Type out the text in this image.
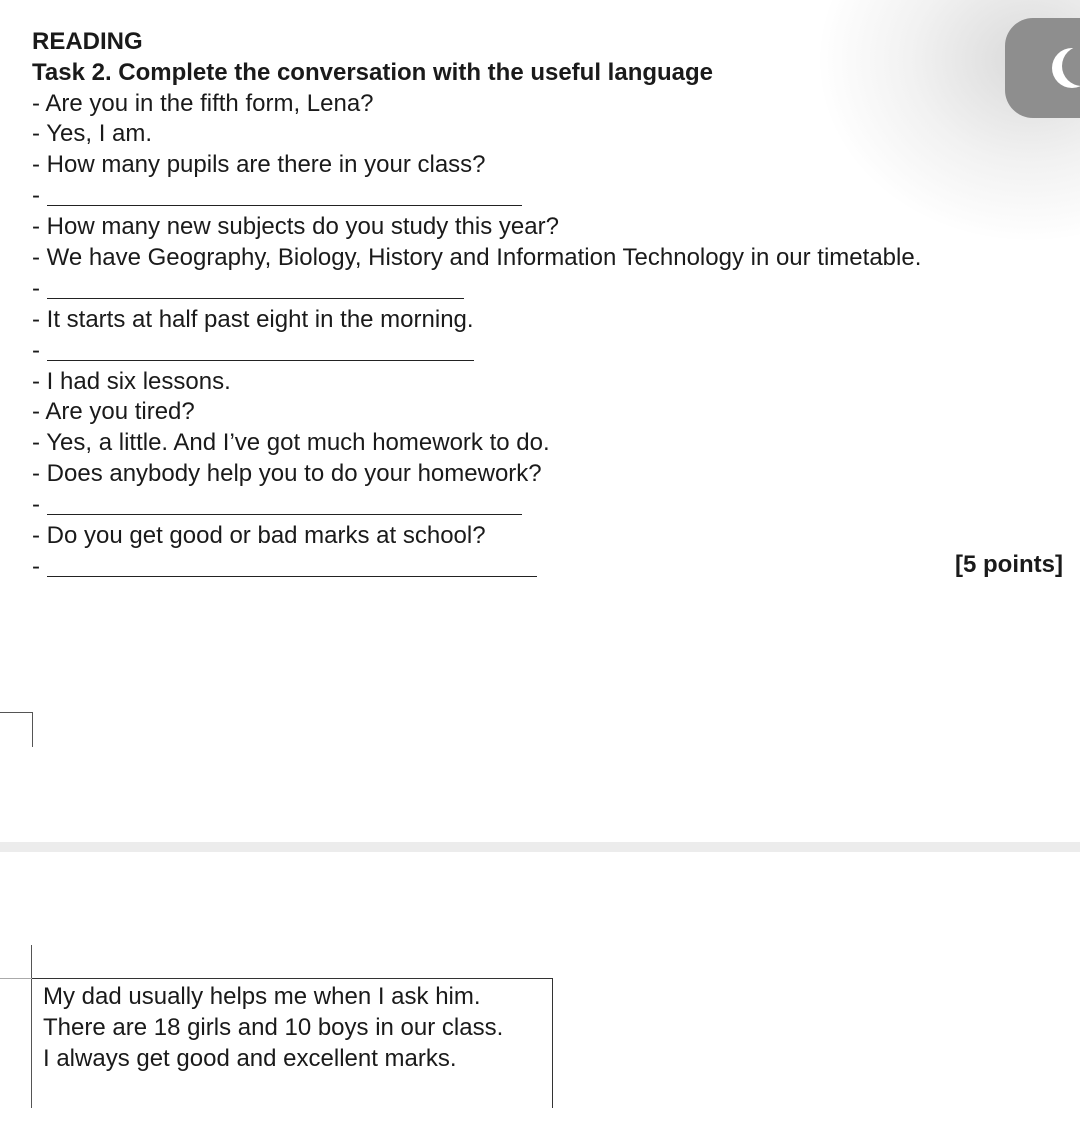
READING
Task 2. Complete the conversation with the useful language
- Are you in the fifth form, Lena?
- Yes, I am.
- How many pupils are there in your class?
-
- How many new subjects do you study this year?
- We have Geography, Biology, History and Information Technology in our timetable.
-
- It starts at half past eight in the morning.
-
- I had six lessons.
- Are you tired?
- Yes, a little. And I’ve got much homework to do.
- Does anybody help you to do your homework?
-
- Do you get good or bad marks at school?
-	[5 points]
My dad usually helps me when I ask him.
There are 18 girls and 10 boys in our class.
I always get good and excellent marks.
